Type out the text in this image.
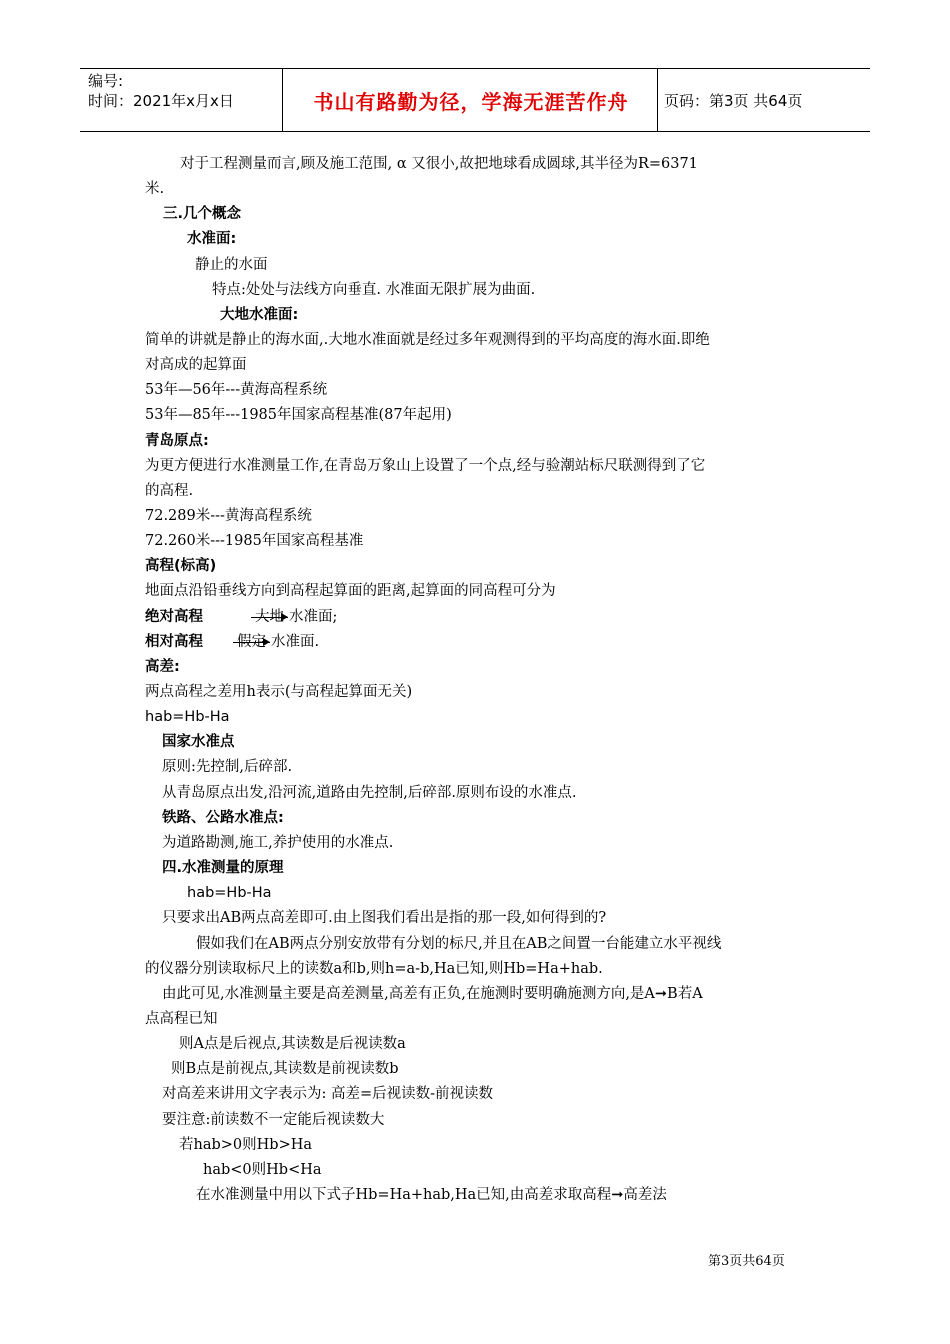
编号:
时间：2021年x月x日	书山有路勤为径，学海无涯苦作舟	页码：第3页 共64页
对于工程测量而言,顾及施工范围, α 又很小,故把地球看成圆球,其半径为R=6371
米.
三.几个概念
水准面:
静止的水面
特点:处处与法线方向垂直. 水准面无限扩展为曲面.
大地水准面:
简单的讲就是静止的海水面,.大地水准面就是经过多年观测得到的平均高度的海水面.即绝
对高成的起算面
53年—56年---黄海高程系统
53年—85年---1985年国家高程基准(87年起用)
青岛原点:
为更方便进行水准测量工作,在青岛万象山上设置了一个点,经与验潮站标尺联测得到了它
的高程.
72.289米---黄海高程系统
72.260米---1985年国家高程基准
高程(标高)
地面点沿铅垂线方向到高程起算面的距离,起算面的同高程可分为
绝对高程	大地 水准面;
相对高程 假定 水准面.
高差:
两点高程之差用h表示(与高程起算面无关)
hab=Hb-Ha
国家水准点
原则:先控制,后碎部.
从青岛原点出发,沿河流,道路由先控制,后碎部.原则布设的水准点.
铁路、公路水准点:
为道路勘测,施工,养护使用的水准点.
四.水准测量的原理
hab=Hb-Ha
只要求出AB两点高差即可.由上图我们看出是指的那一段,如何得到的?
假如我们在AB两点分别安放带有分划的标尺,并且在AB之间置一台能建立水平视线
的仪器分别读取标尺上的读数a和b,则h=a-b,Ha已知,则Hb=Ha+hab.
由此可见,水准测量主要是高差测量,高差有正负,在施测时要明确施测方向,是A➞B若A
点高程已知
则A点是后视点,其读数是后视读数a
则B点是前视点,其读数是前视读数b
对高差来讲用文字表示为: 高差=后视读数-前视读数
要注意:前读数不一定能后视读数大
若hab>0则Hb>Ha
hab<0则Hb<Ha
在水准测量中用以下式子Hb=Ha+hab,Ha已知,由高差求取高程➞高差法
第3页共64页
